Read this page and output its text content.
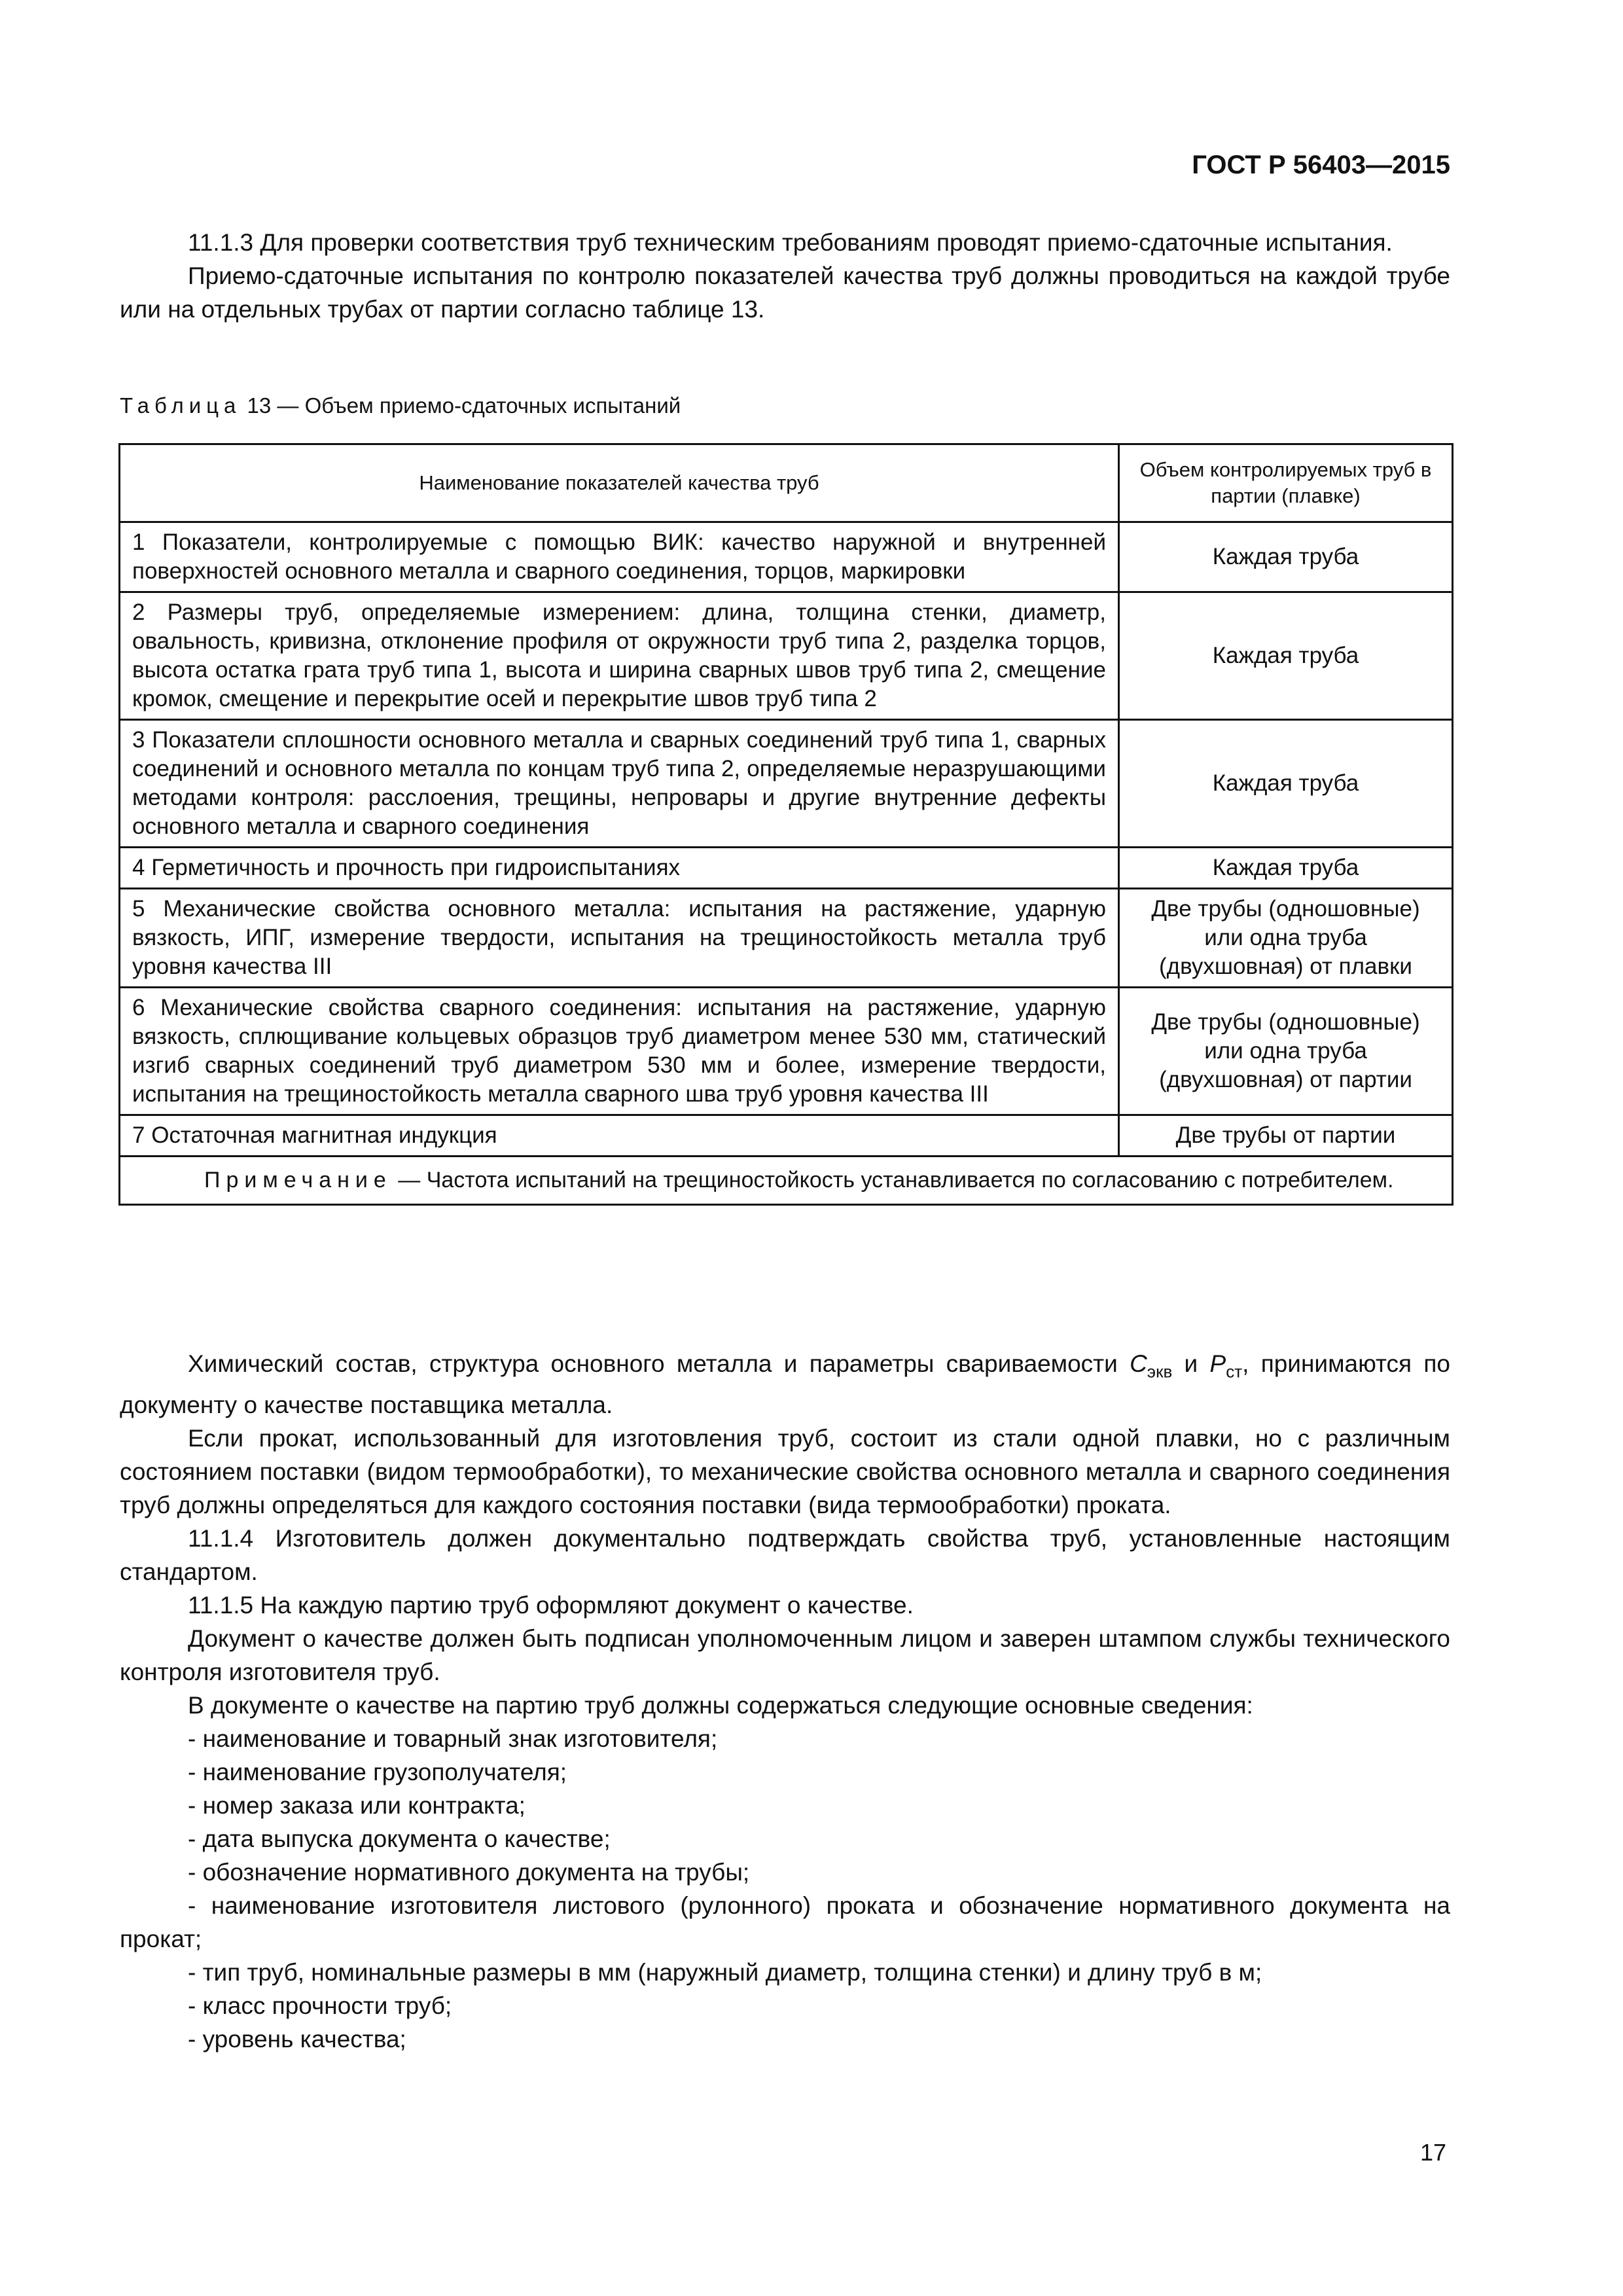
ГОСТ Р 56403—2015

11.1.3 Для проверки соответствия труб техническим требованиям проводят приемо-сдаточные испытания.

Приемо-сдаточные испытания по контролю показателей качества труб должны проводиться на каждой трубе или на отдельных трубах от партии согласно таблице 13.

Таблица 13 — Объем приемо-сдаточных испытаний
Наименование показателей качества труб	Объем контролируемых труб в партии (плавке)
1 Показатели, контролируемые с помощью ВИК: качество наружной и внутренней поверхностей основного металла и сварного соединения, торцов, маркировки	Каждая труба
2 Размеры труб, определяемые измерением: длина, толщина стенки, диаметр, овальность, кривизна, отклонение профиля от окружности труб типа 2, разделка торцов, высота остатка грата труб типа 1, высота и ширина сварных швов труб типа 2, смещение кромок, смещение и перекрытие осей и перекрытие швов труб типа 2	Каждая труба
3 Показатели сплошности основного металла и сварных соединений труб типа 1, сварных соединений и основного металла по концам труб типа 2, определяемые неразрушающими методами контроля: расслоения, трещины, непровары и другие внутренние дефекты основного металла и сварного соединения	Каждая труба
4 Герметичность и прочность при гидроиспытаниях	Каждая труба
5 Механические свойства основного металла: испытания на растяжение, ударную вязкость, ИПГ, измерение твердости, испытания на трещиностойкость металла труб уровня качества III	Две трубы (одношовные) или одна труба (двухшовная) от плавки
6 Механические свойства сварного соединения: испытания на растяжение, ударную вязкость, сплющивание кольцевых образцов труб диаметром менее 530 мм, статический изгиб сварных соединений труб диаметром 530 мм и более, измерение твердости, испытания на трещиностойкость металла сварного шва труб уровня качества III	Две трубы (одношовные) или одна труба (двухшовная) от партии
7 Остаточная магнитная индукция	Две трубы от партии
Примечание — Частота испытаний на трещиностойкость устанавливается по согласованию с потребителем.	

Химический состав, структура основного металла и параметры свариваемости $C_{экв}$ и $P_{ст}$, принимаются по документу о качестве поставщика металла.

Если прокат, использованный для изготовления труб, состоит из стали одной плавки, но с различным состоянием поставки (видом термообработки), то механические свойства основного металла и сварного соединения труб должны определяться для каждого состояния поставки (вида термообработки) проката.

11.1.4 Изготовитель должен документально подтверждать свойства труб, установленные настоящим стандартом.

11.1.5 На каждую партию труб оформляют документ о качестве.

Документ о качестве должен быть подписан уполномоченным лицом и заверен штампом службы технического контроля изготовителя труб.

В документе о качестве на партию труб должны содержаться следующие основные сведения:

- наименование и товарный знак изготовителя;

- наименование грузополучателя;

- номер заказа или контракта;

- дата выпуска документа о качестве;

- обозначение нормативного документа на трубы;

- наименование изготовителя листового (рулонного) проката и обозначение нормативного документа на прокат;

- тип труб, номинальные размеры в мм (наружный диаметр, толщина стенки) и длину труб в м;

- класс прочности труб;

- уровень качества;

17
